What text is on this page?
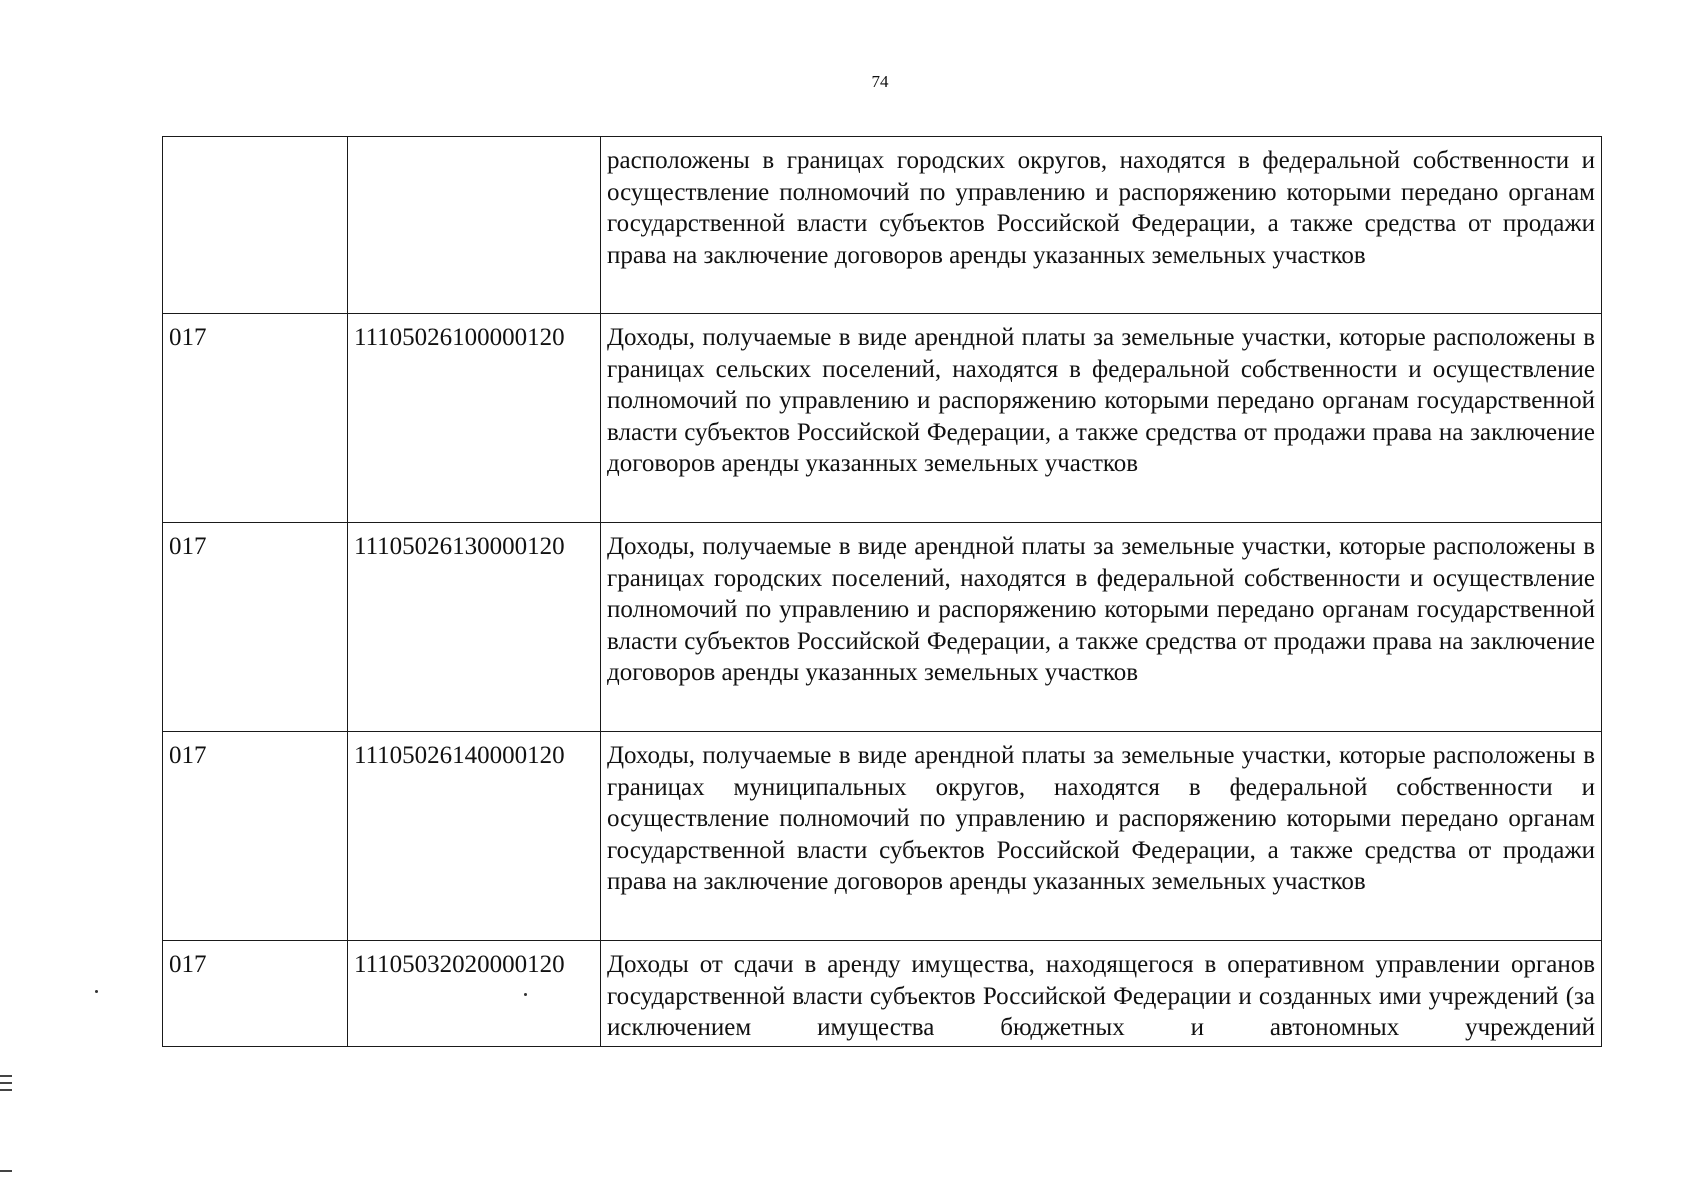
74
		расположены в границах городских округов, находятся в федеральной собственности и осуществление полномочий по управлению и распоряжению которыми передано органам государственной власти субъектов Российской Федерации, а также средства от продажи права на заключение договоров аренды указанных земельных участков
017	11105026100000120	Доходы, получаемые в виде арендной платы за земельные участки, которые расположены в границах сельских поселений, находятся в федеральной собственности и осуществление полномочий по управлению и распоряжению которыми передано органам государственной власти субъектов Российской Федерации, а также средства от продажи права на заключение договоров аренды указанных земельных участков
017	11105026130000120	Доходы, получаемые в виде арендной платы за земельные участки, которые расположены в границах городских поселений, находятся в федеральной собственности и осуществление полномочий по управлению и распоряжению которыми передано органам государственной власти субъектов Российской Федерации, а также средства от продажи права на заключение договоров аренды указанных земельных участков
017	11105026140000120	Доходы, получаемые в виде арендной платы за земельные участки, которые расположены в границах муниципальных округов, находятся в федеральной собственности и осуществление полномочий по управлению и распоряжению которыми передано органам государственной власти субъектов Российской Федерации, а также средства от продажи права на заключение договоров аренды указанных земельных участков
017	11105032020000120	Доходы от сдачи в аренду имущества, находящегося в оперативном управлении органов государственной власти субъектов Российской Федерации и созданных ими учреждений (за исключением имущества бюджетных и автономных учреждений
